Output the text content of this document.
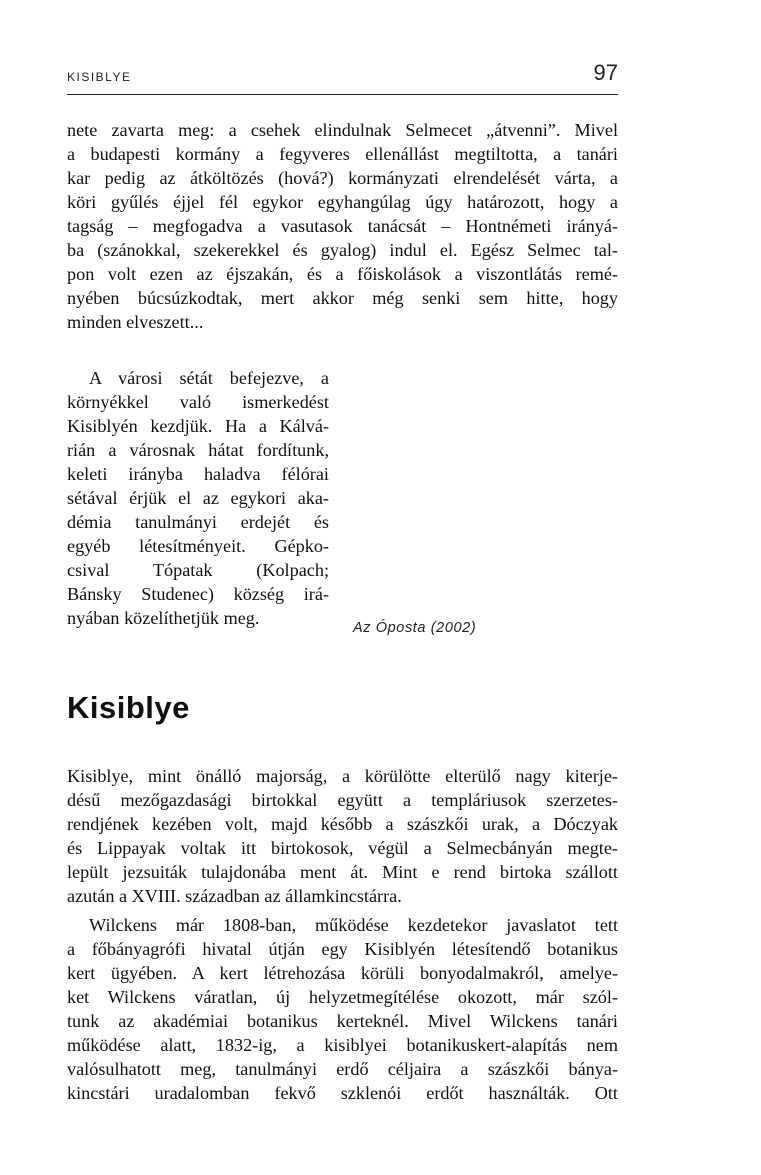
KISIBLYE	97
nete zavarta meg: a csehek elindulnak Selmecet „átvenni”. Mivel
a budapesti kormány a fegyveres ellenállást megtiltotta, a tanári
kar pedig az átköltözés (hová?) kormányzati elrendelését várta, a
köri gyűlés éjjel fél egykor egyhangúlag úgy határozott, hogy a
tagság – megfogadva a vasutasok tanácsát – Hontnémeti irányá-
ba (szánokkal, szekerekkel és gyalog) indul el. Egész Selmec tal-
pon volt ezen az éjszakán, és a főiskolások a viszontlátás remé-
nyében búcsúzkodtak, mert akkor még senki sem hitte, hogy
minden elveszett...
A városi sétát befejezve, a
környékkel való ismerkedést
Kisiblyén kezdjük. Ha a Kálvá-
rián a városnak hátat fordítunk,
keleti irányba haladva félórai
sétával érjük el az egykori aka-
démia tanulmányi erdejét és
egyéb létesítményeit. Gépko-
csival Tópatak (Kolpach;
Bánsky Studenec) község irá-
nyában közelíthetjük meg.	Az Óposta (2002)
Kisiblye
Kisiblye, mint önálló majorság, a körülötte elterülő nagy kiterje-
désű mezőgazdasági birtokkal együtt a templáriusok szerzetes-
rendjének kezében volt, majd később a szászkői urak, a Dóczyak
és Lippayak voltak itt birtokosok, végül a Selmecbányán megte-
lepült jezsuiták tulajdonába ment át. Mint e rend birtoka szállott
azután a XVIII. században az államkincstárra.
Wilckens már 1808-ban, működése kezdetekor javaslatot tett
a főbányagrófi hivatal útján egy Kisiblyén létesítendő botanikus
kert ügyében. A kert létrehozása körüli bonyodalmakról, amelye-
ket Wilckens váratlan, új helyzetmegítélése okozott, már szól-
tunk az akadémiai botanikus kerteknél. Mivel Wilckens tanári
működése alatt, 1832-ig, a kisiblyei botanikuskert-alapítás nem
valósulhatott meg, tanulmányi erdő céljaira a szászkői bánya-
kincstári uradalomban fekvő szklenói erdőt használták. Ott
